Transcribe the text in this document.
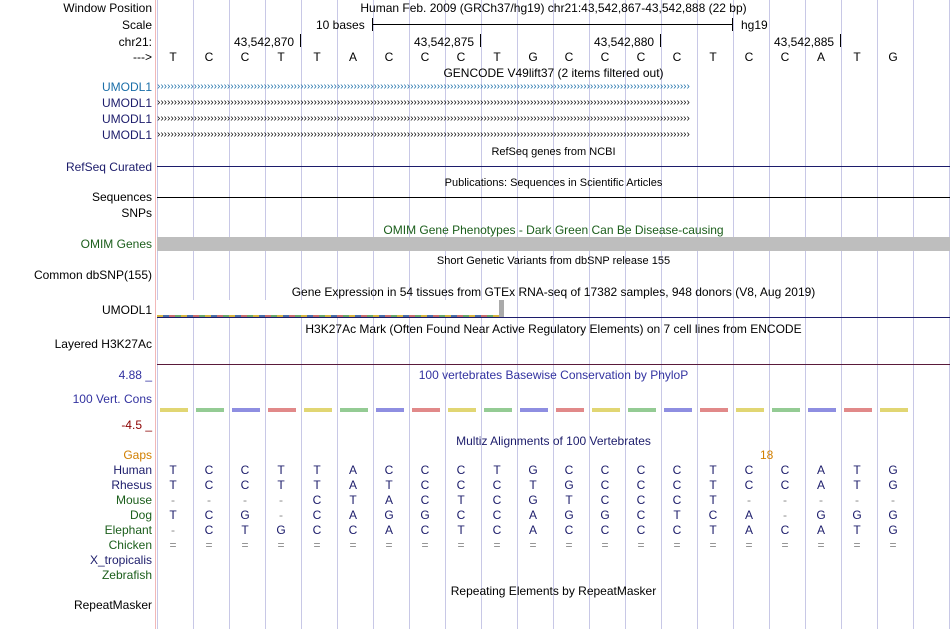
Window Position	Human Feb. 2009 (GRCh37/hg19) chr21:43,542,867-43,542,888 (22 bp)
Scale	10 bases	hg19
chr21:	43,542,870	43,542,875	43,542,880	43,542,885
--->	T	C	C	T	T	A	C	C	C	T	G	C	C	C	C	T	C	C	A	T	G
GENCODE V49lift37 (2 items filtered out)
UMODL1
UMODL1
UMODL1
UMODL1
››››››››››››››››››››››››››››››››››››››››››››››››››››››››››››››››››››››››››››››››››››››››››››››››››››››››››››››››››››››››››››››››››››››››››››››››››››››››››››››››
››››››››››››››››››››››››››››››››››››››››››››››››››››››››››››››››››››››››››››››››››››››››››››››››››››››››››››››››››››››››››››››››››››››››››››››››››››››››››››››››
››››››››››››››››››››››››››››››››››››››››››››››››››››››››››››››››››››››››››››››››››››››››››››››››››››››››››››››››››››››››››››››››››››››››››››››››››››››››››››››››
››››››››››››››››››››››››››››››››››››››››››››››››››››››››››››››››››››››››››››››››››››››››››››››››››››››››››››››››››››››››››››››››››››››››››››››››››››››››››››››››
RefSeq genes from NCBI
RefSeq Curated
Publications: Sequences in Scientific Articles
Sequences
SNPs
OMIM Gene Phenotypes - Dark Green Can Be Disease-causing
OMIM Genes
Short Genetic Variants from dbSNP release 155
Common dbSNP(155)
Gene Expression in 54 tissues from GTEx RNA-seq of 17382 samples, 948 donors (V8, Aug 2019)
UMODL1
H3K27Ac Mark (Often Found Near Active Regulatory Elements) on 7 cell lines from ENCODE
Layered H3K27Ac
100 vertebrates Basewise Conservation by PhyloP
4.88 _
100 Vert. Cons
-4.5 _
Multiz Alignments of 100 Vertebrates
Gaps	18
Human	T	C	C	T	T	A	C	C	C	T	G	C	C	C	C	T	C	C	A	T	G
Rhesus	T	C	C	T	T	A	T	C	C	C	T	G	C	C	C	T	C	C	A	T	G
Mouse	-	-	-	-	C	T	A	C	T	C	G	T	C	C	C	T	-	-	-	-	-
Dog	T	C	G	-	C	A	G	G	C	C	A	G	G	C	T	C	A	-	G	G	G
Elephant	-	C	T	G	C	C	A	C	T	C	A	C	C	C	C	T	A	C	A	T	G
Chicken	=	=	=	=	=	=	=	=	=	=	=	=	=	=	=	=	=	=	=	=	=
X_tropicalis
Zebrafish
Repeating Elements by RepeatMasker
RepeatMasker
